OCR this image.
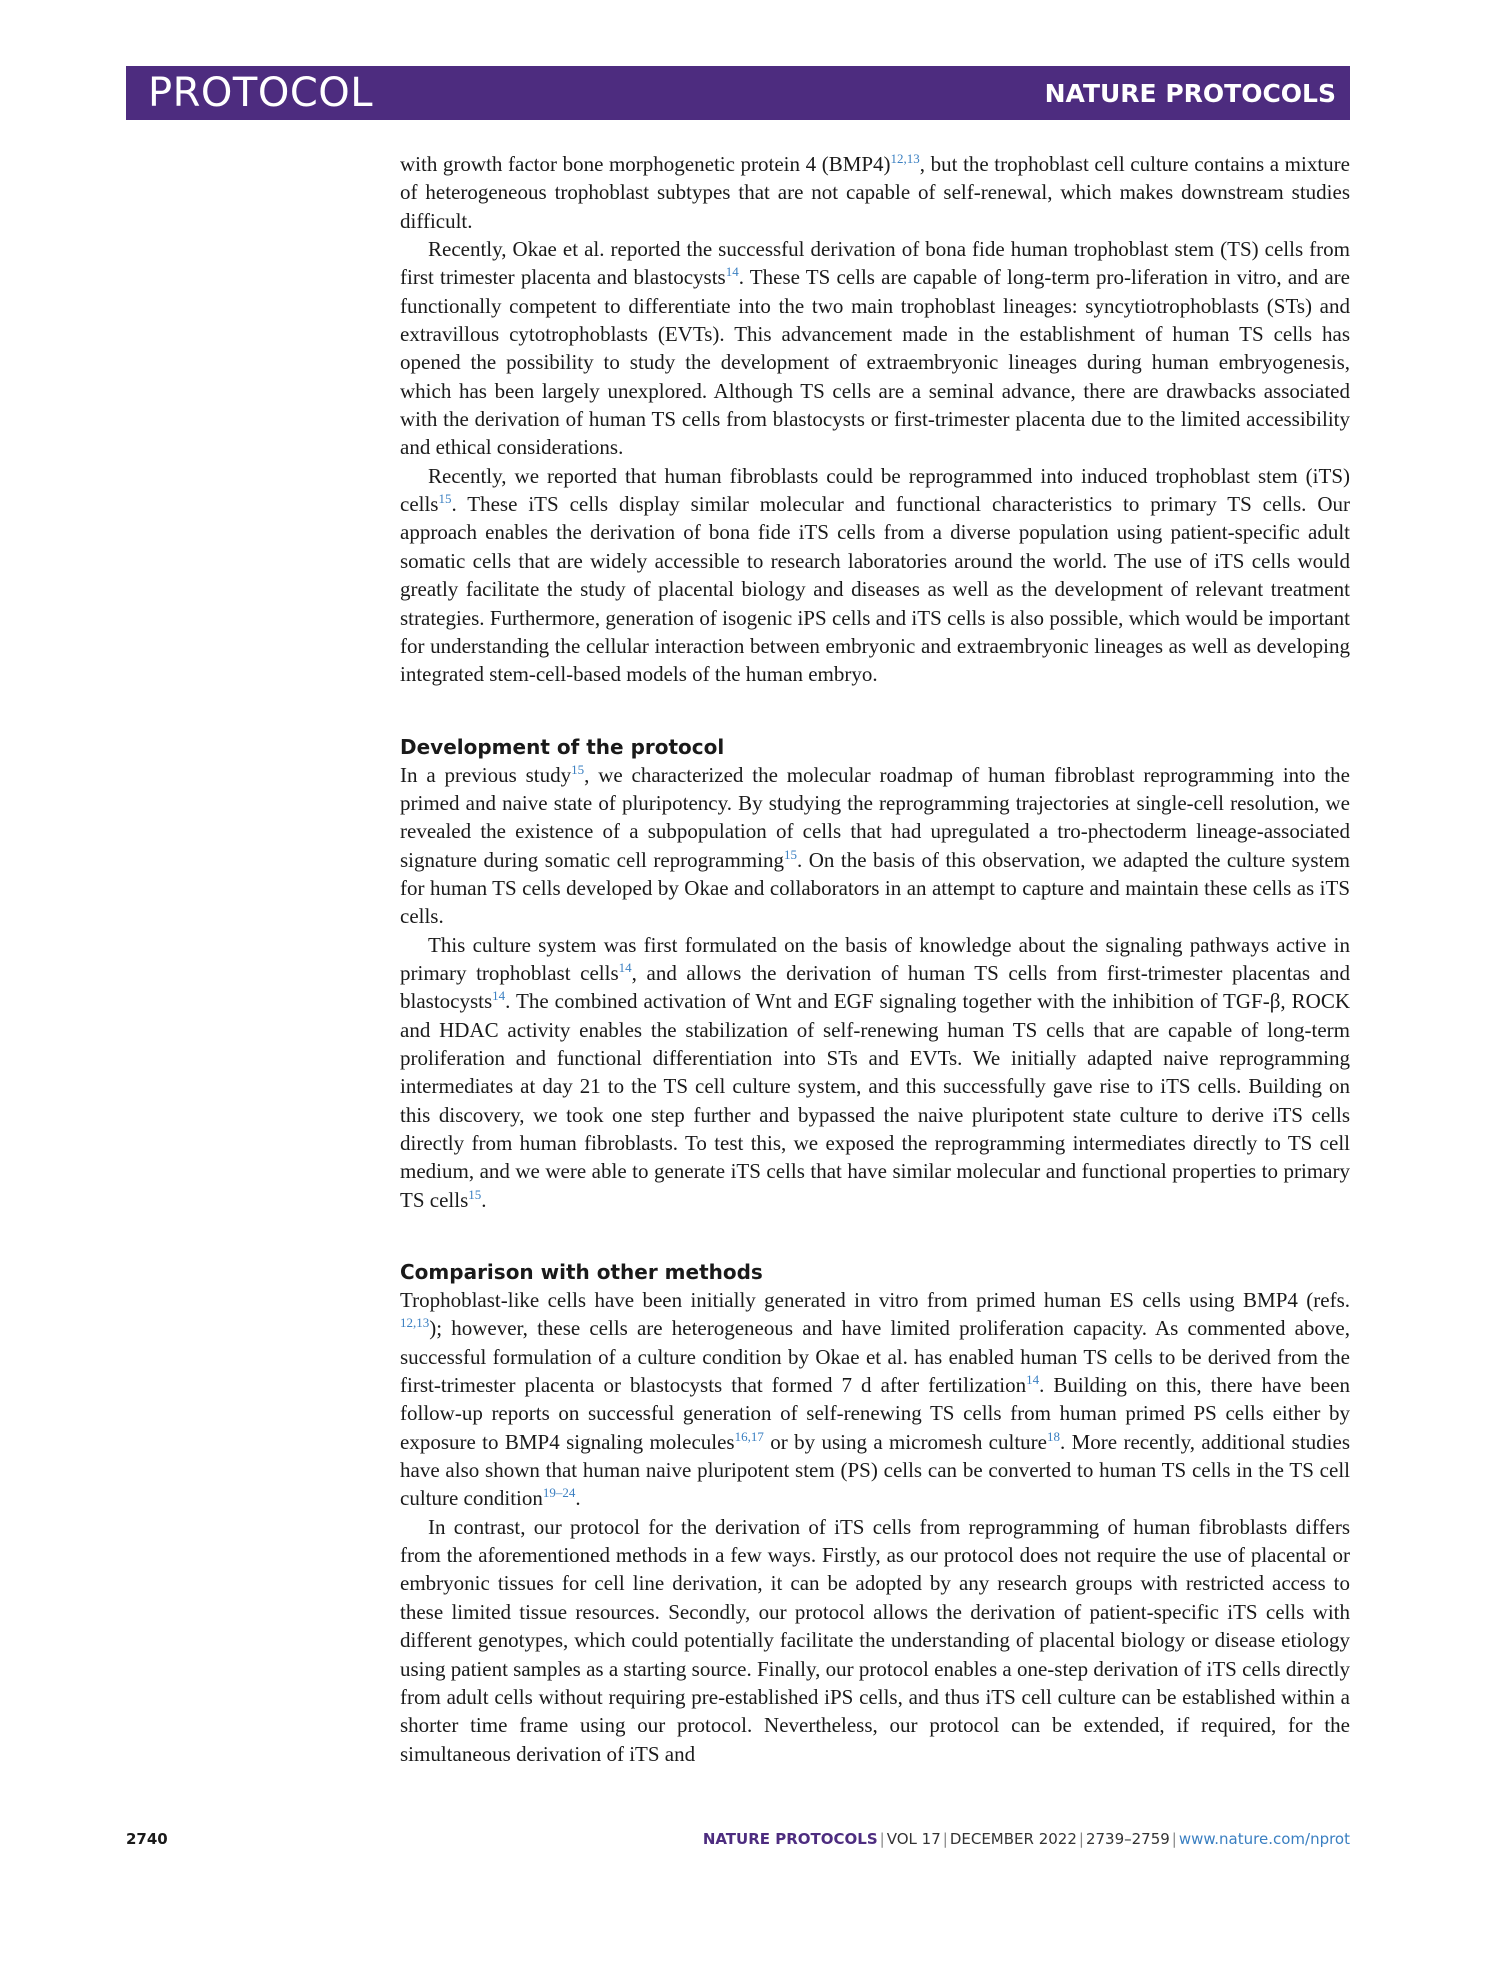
PROTOCOL	NATURE PROTOCOLS

with growth factor bone morphogenetic protein 4 (BMP4)$^{12,13}$, but the trophoblast cell culture contains a mixture of heterogeneous trophoblast subtypes that are not capable of self-renewal, which makes downstream studies difficult.

Recently, Okae et al. reported the successful derivation of bona fide human trophoblast stem (TS) cells from first trimester placenta and blastocysts$^{14}$. These TS cells are capable of long-term pro-liferation in vitro, and are functionally competent to differentiate into the two main trophoblast lineages: syncytiotrophoblasts (STs) and extravillous cytotrophoblasts (EVTs). This advancement made in the establishment of human TS cells has opened the possibility to study the development of extraembryonic lineages during human embryogenesis, which has been largely unexplored. Although TS cells are a seminal advance, there are drawbacks associated with the derivation of human TS cells from blastocysts or first-trimester placenta due to the limited accessibility and ethical considerations.

Recently, we reported that human fibroblasts could be reprogrammed into induced trophoblast stem (iTS) cells$^{15}$. These iTS cells display similar molecular and functional characteristics to primary TS cells. Our approach enables the derivation of bona fide iTS cells from a diverse population using patient-specific adult somatic cells that are widely accessible to research laboratories around the world. The use of iTS cells would greatly facilitate the study of placental biology and diseases as well as the development of relevant treatment strategies. Furthermore, generation of isogenic iPS cells and iTS cells is also possible, which would be important for understanding the cellular interaction between embryonic and extraembryonic lineages as well as developing integrated stem-cell-based models of the human embryo.

Development of the protocol

In a previous study$^{15}$, we characterized the molecular roadmap of human fibroblast reprogramming into the primed and naive state of pluripotency. By studying the reprogramming trajectories at single-cell resolution, we revealed the existence of a subpopulation of cells that had upregulated a tro-phectoderm lineage-associated signature during somatic cell reprogramming$^{15}$. On the basis of this observation, we adapted the culture system for human TS cells developed by Okae and collaborators in an attempt to capture and maintain these cells as iTS cells.

This culture system was first formulated on the basis of knowledge about the signaling pathways active in primary trophoblast cells$^{14}$, and allows the derivation of human TS cells from first-trimester placentas and blastocysts$^{14}$. The combined activation of Wnt and EGF signaling together with the inhibition of TGF-β, ROCK and HDAC activity enables the stabilization of self-renewing human TS cells that are capable of long-term proliferation and functional differentiation into STs and EVTs. We initially adapted naive reprogramming intermediates at day 21 to the TS cell culture system, and this successfully gave rise to iTS cells. Building on this discovery, we took one step further and bypassed the naive pluripotent state culture to derive iTS cells directly from human fibroblasts. To test this, we exposed the reprogramming intermediates directly to TS cell medium, and we were able to generate iTS cells that have similar molecular and functional properties to primary TS cells$^{15}$.

Comparison with other methods

Trophoblast-like cells have been initially generated in vitro from primed human ES cells using BMP4 (refs. $^{12,13}$); however, these cells are heterogeneous and have limited proliferation capacity. As commented above, successful formulation of a culture condition by Okae et al. has enabled human TS cells to be derived from the first-trimester placenta or blastocysts that formed 7 d after fertilization$^{14}$. Building on this, there have been follow-up reports on successful generation of self-renewing TS cells from human primed PS cells either by exposure to BMP4 signaling molecules$^{16,17}$ or by using a micromesh culture$^{18}$. More recently, additional studies have also shown that human naive pluripotent stem (PS) cells can be converted to human TS cells in the TS cell culture condition$^{19-24}$.

In contrast, our protocol for the derivation of iTS cells from reprogramming of human fibroblasts differs from the aforementioned methods in a few ways. Firstly, as our protocol does not require the use of placental or embryonic tissues for cell line derivation, it can be adopted by any research groups with restricted access to these limited tissue resources. Secondly, our protocol allows the derivation of patient-specific iTS cells with different genotypes, which could potentially facilitate the understanding of placental biology or disease etiology using patient samples as a starting source. Finally, our protocol enables a one-step derivation of iTS cells directly from adult cells without requiring pre-established iPS cells, and thus iTS cell culture can be established within a shorter time frame using our protocol. Nevertheless, our protocol can be extended, if required, for the simultaneous derivation of iTS and

2740	NATURE PROTOCOLS | VOL 17 | DECEMBER 2022 | 2739–2759 | www.nature.com/nprot
